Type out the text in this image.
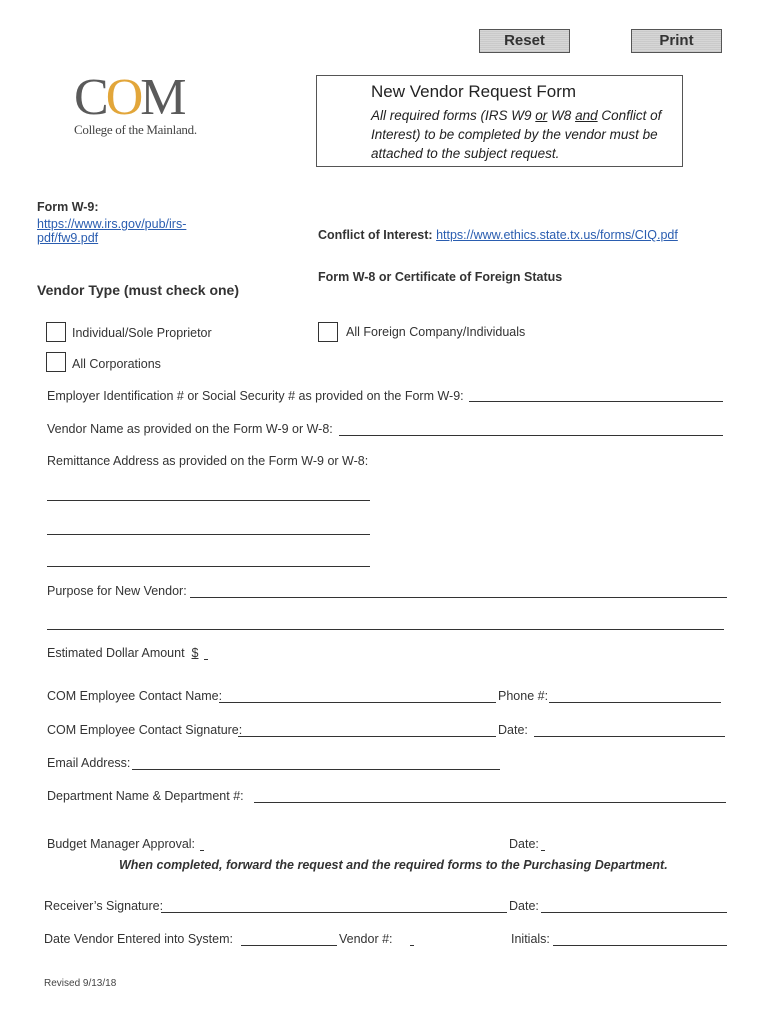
Reset	Print
COM
College of the Mainland.
New Vendor Request Form
All required forms (IRS W9 or W8 and Conflict of Interest) to be completed by the vendor must be attached to the subject request.
Form W-9:
https://www.irs.gov/pub/irs-
pdf/fw9.pdf	Conflict of Interest: https://www.ethics.state.tx.us/forms/CIQ.pdf
Form W-8 or Certificate of Foreign Status
Vendor Type (must check one)
Individual/Sole Proprietor	All Foreign Company/Individuals
All Corporations
Employer Identification # or Social Security # as provided on the Form W-9:
Vendor Name as provided on the Form W-9 or W-8:
Remittance Address as provided on the Form W-9 or W-8:
Purpose for New Vendor:
Estimated Dollar Amount $
COM Employee Contact Name:	Phone #:
COM Employee Contact Signature:	Date:
Email Address:
Department Name & Department #:
Budget Manager Approval:	Date:
When completed, forward the request and the required forms to the Purchasing Department.
Receiver’s Signature:	Date:
Date Vendor Entered into System:	Vendor #:	Initials:
Revised 9/13/18
